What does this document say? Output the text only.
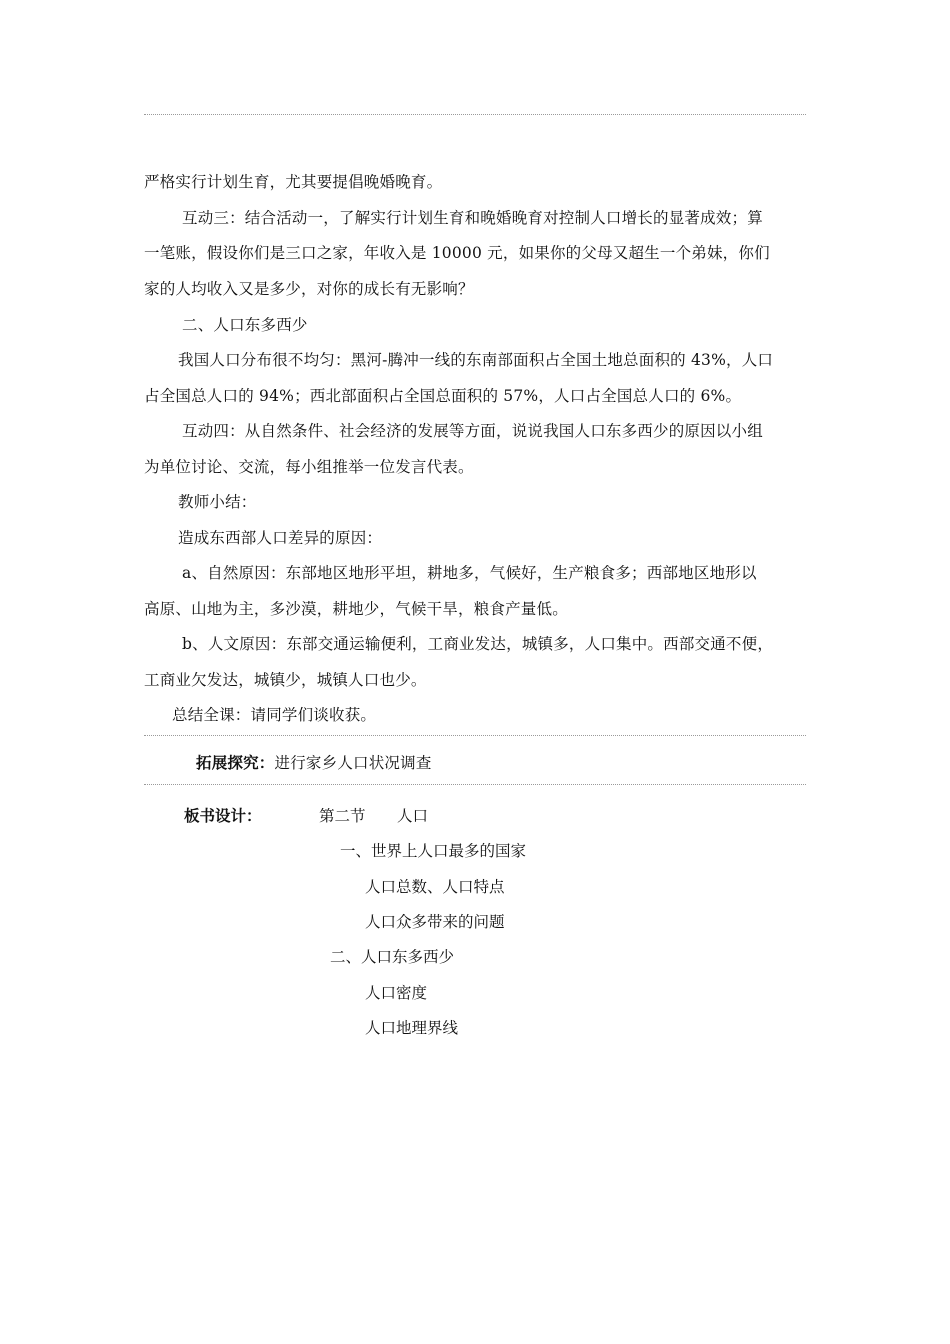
严格实行计划生育，尤其要提倡晚婚晚育。
互动三：结合活动一，了解实行计划生育和晚婚晚育对控制人口增长的显著成效；算
一笔账，假设你们是三口之家，年收入是 10000 元，如果你的父母又超生一个弟妹，你们
家的人均收入又是多少，对你的成长有无影响？
二、人口东多西少
我国人口分布很不均匀：黑河-腾冲一线的东南部面积占全国土地总面积的 43%，人口
占全国总人口的 94%；西北部面积占全国总面积的 57%，人口占全国总人口的 6%。
互动四：从自然条件、社会经济的发展等方面，说说我国人口东多西少的原因以小组
为单位讨论、交流，每小组推举一位发言代表。
教师小结：
造成东西部人口差异的原因：
a、自然原因：东部地区地形平坦，耕地多，气候好，生产粮食多；西部地区地形以
高原、山地为主，多沙漠，耕地少，气候干旱，粮食产量低。
b、人文原因：东部交通运输便利，工商业发达，城镇多，人口集中。西部交通不便，
工商业欠发达，城镇少，城镇人口也少。
总结全课：请同学们谈收获。
拓展探究：进行家乡人口状况调查
板书设计：	第二节 人口
一、世界上人口最多的国家
人口总数、人口特点
人口众多带来的问题
二、人口东多西少
人口密度
人口地理界线
